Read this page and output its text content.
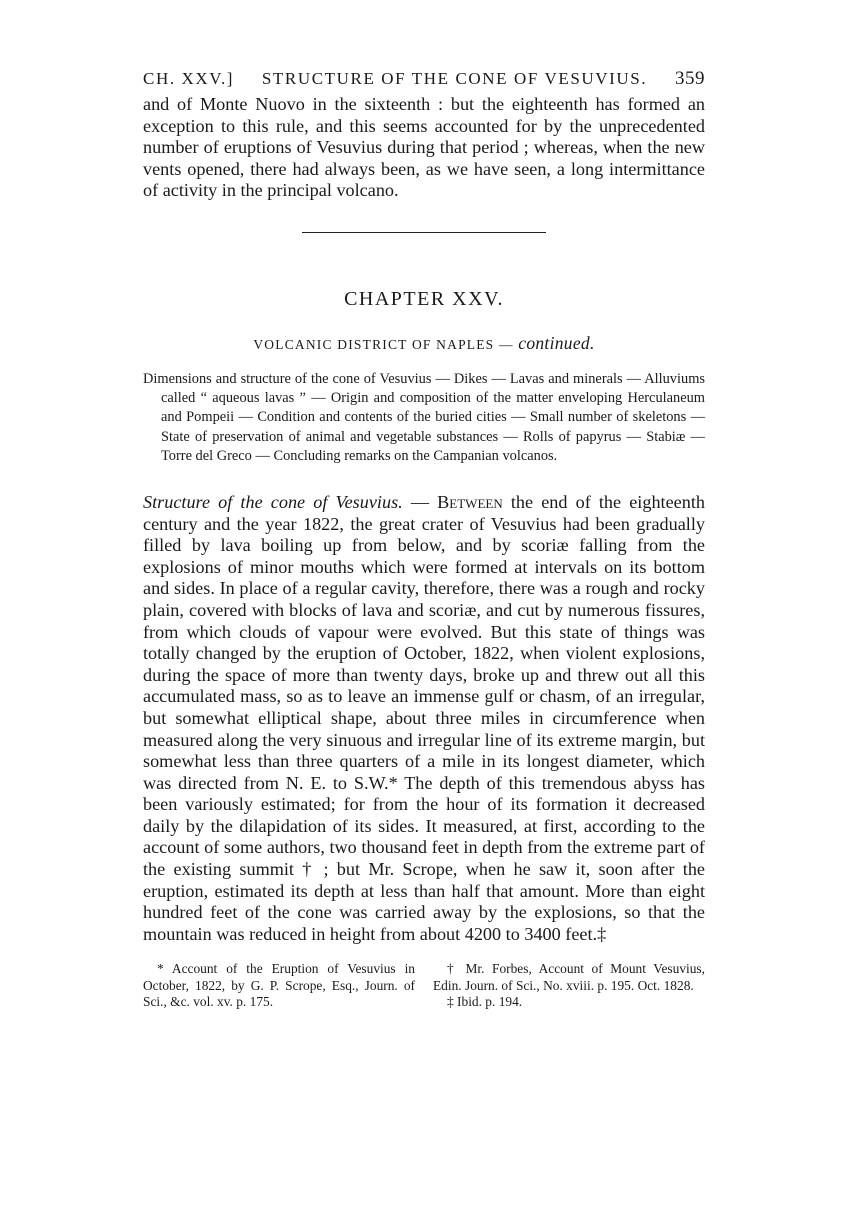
CH. XXV.] STRUCTURE OF THE CONE OF VESUVIUS. 359

and of Monte Nuovo in the sixteenth : but the eighteenth has formed an exception to this rule, and this seems accounted for by the unprecedented number of eruptions of Vesuvius during that period ; whereas, when the new vents opened, there had always been, as we have seen, a long intermittance of activity in the principal volcano.

CHAPTER XXV.
VOLCANIC DISTRICT OF NAPLES — continued.

Dimensions and structure of the cone of Vesuvius — Dikes — Lavas and minerals — Alluviums called “ aqueous lavas ” — Origin and composition of the matter enveloping Herculaneum and Pompeii — Condition and contents of the buried cities — Small number of skeletons — State of preservation of animal and vegetable substances — Rolls of papyrus — Stabiæ — Torre del Greco — Concluding remarks on the Campanian volcanos.

Structure of the cone of Vesuvius. — Between the end of the eighteenth century and the year 1822, the great crater of Vesuvius had been gradually filled by lava boiling up from below, and by scoriæ falling from the explosions of minor mouths which were formed at intervals on its bottom and sides. In place of a regular cavity, therefore, there was a rough and rocky plain, covered with blocks of lava and scoriæ, and cut by numerous fissures, from which clouds of vapour were evolved. But this state of things was totally changed by the eruption of October, 1822, when violent explosions, during the space of more than twenty days, broke up and threw out all this accumulated mass, so as to leave an immense gulf or chasm, of an irregular, but somewhat elliptical shape, about three miles in circumference when measured along the very sinuous and irregular line of its extreme margin, but somewhat less than three quarters of a mile in its longest diameter, which was directed from N. E. to S.W.* The depth of this tremendous abyss has been variously estimated; for from the hour of its formation it decreased daily by the dilapidation of its sides. It measured, at first, according to the account of some authors, two thousand feet in depth from the extreme part of the existing summit † ; but Mr. Scrope, when he saw it, soon after the eruption, estimated its depth at less than half that amount. More than eight hundred feet of the cone was carried away by the explosions, so that the mountain was reduced in height from about 4200 to 3400 feet.‡

* Account of the Eruption of Vesuvius in October, 1822, by G. P. Scrope, Esq., Journ. of Sci., &c. vol. xv. p. 175.

† Mr. Forbes, Account of Mount Vesuvius, Edin. Journ. of Sci., No. xviii. p. 195. Oct. 1828.

‡ Ibid. p. 194.
